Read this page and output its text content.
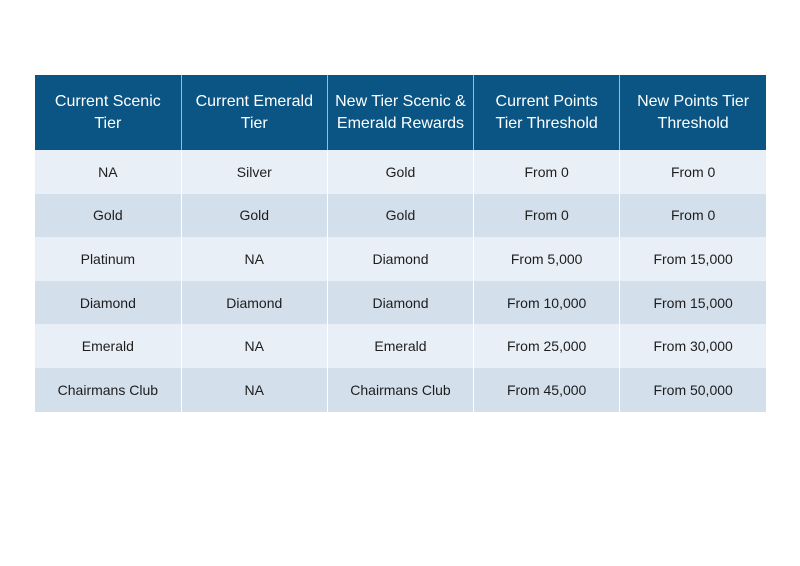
Current Scenic Tier	Current Emerald Tier	New Tier Scenic & Emerald Rewards	Current Points Tier Threshold	New Points Tier Threshold
NA	Silver	Gold	From 0	From 0
Gold	Gold	Gold	From 0	From 0
Platinum	NA	Diamond	From 5,000	From 15,000
Diamond	Diamond	Diamond	From 10,000	From 15,000
Emerald	NA	Emerald	From 25,000	From 30,000
Chairmans Club	NA	Chairmans Club	From 45,000	From 50,000
